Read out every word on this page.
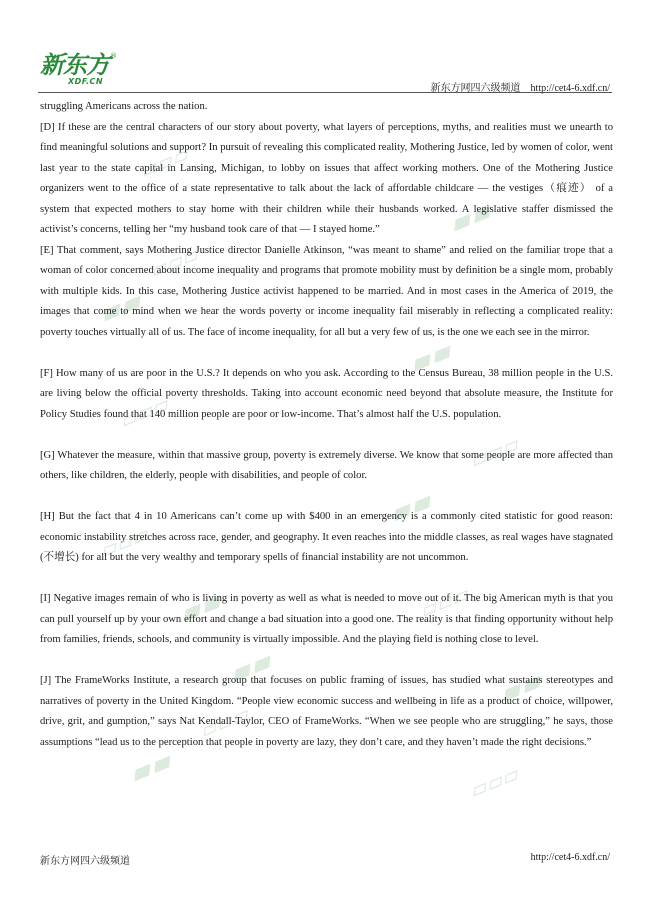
新东方 ®
XDF.CN
新东方网四六级频道    http://cet4-6.xdf.cn/
▱▱▱
▰▰
▱▱▱
▰▰
▰▰
▱▱▱
▱▱▱
▰▰
▱▱▱
▰▰	▱▱▱
▰▰	▰▰
▱▱▱
▰▰	▱▱▱

struggling Americans across the nation.

[D] If these are the central characters of our story about poverty, what layers of perceptions, myths, and realities must we unearth to find meaningful solutions and support? In pursuit of revealing this complicated reality, Mothering Justice, led by women of color, went last year to the state capital in Lansing, Michigan, to lobby on issues that affect working mothers. One of the Mothering Justice organizers went to the office of a state representative to talk about the lack of affordable childcare — the vestiges（痕迹） of a system that expected mothers to stay home with their children while their husbands worked. A legislative staffer dismissed the activist’s concerns, telling her “my husband took care of that — I stayed home.”

[E] That comment, says Mothering Justice director Danielle Atkinson, “was meant to shame” and relied on the familiar trope that a woman of color concerned about income inequality and programs that promote mobility must by definition be a single mom, probably with multiple kids. In this case, Mothering Justice activist happened to be married. And in most cases in the America of 2019, the images that come to mind when we hear the words poverty or income inequality fail miserably in reflecting a complicated reality: poverty touches virtually all of us. The face of income inequality, for all but a very few of us, is the one we each see in the mirror.

[F] How many of us are poor in the U.S.? It depends on who you ask. According to the Census Bureau, 38 million people in the U.S. are living below the official poverty thresholds. Taking into account economic need beyond that absolute measure, the Institute for Policy Studies found that 140 million people are poor or low-income. That’s almost half the U.S. population.

[G] Whatever the measure, within that massive group, poverty is extremely diverse. We know that some people are more affected than others, like children, the elderly, people with disabilities, and people of color.

[H] But the fact that 4 in 10 Americans can’t come up with $400 in an emergency is a commonly cited statistic for good reason: economic instability stretches across race, gender, and geography. It even reaches into the middle classes, as real wages have stagnated (不增长) for all but the very wealthy and temporary spells of financial instability are not uncommon.

[I] Negative images remain of who is living in poverty as well as what is needed to move out of it. The big American myth is that you can pull yourself up by your own effort and change a bad situation into a good one. The reality is that finding opportunity without help from families, friends, schools, and community is virtually impossible. And the playing field is nothing close to level.

[J] The FrameWorks Institute, a research group that focuses on public framing of issues, has studied what sustains stereotypes and narratives of poverty in the United Kingdom. “People view economic success and wellbeing in life as a product of choice, willpower, drive, grit, and gumption,” says Nat Kendall-Taylor, CEO of FrameWorks. “When we see people who are struggling,” he says, those assumptions “lead us to the perception that people in poverty are lazy, they don’t care, and they haven’t made the right decisions.”

新东方网四六级频道	http://cet4-6.xdf.cn/
